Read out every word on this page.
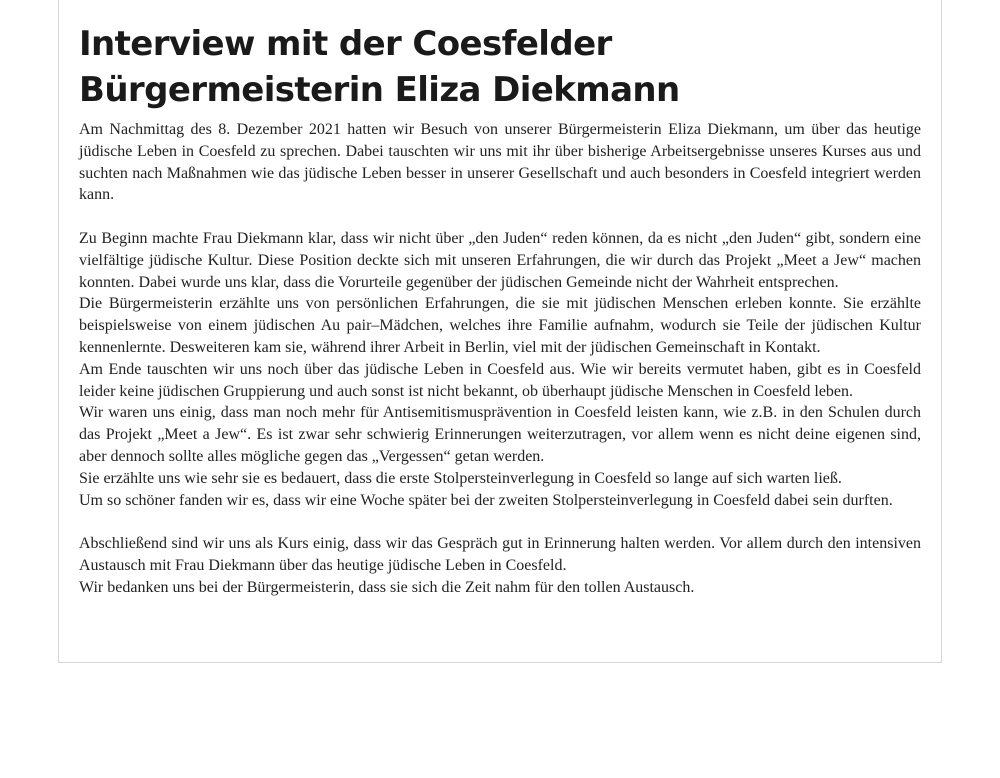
Interview mit der Coesfelder Bürgermeisterin Eliza Diekmann

Am Nachmittag des 8. Dezember 2021 hatten wir Besuch von unserer Bürgermeisterin Eliza Diekmann, um über das heutige jüdische Leben in Coesfeld zu sprechen. Dabei tauschten wir uns mit ihr über bisherige Arbeitsergebnisse unseres Kurses aus und suchten nach Maßnahmen wie das jüdische Leben besser in unserer Gesellschaft und auch besonders in Coesfeld integriert werden kann.

Zu Beginn machte Frau Diekmann klar, dass wir nicht über „den Juden“ reden können, da es nicht „den Juden“ gibt, sondern eine vielfältige jüdische Kultur. Diese Position deckte sich mit unseren Erfahrungen, die wir durch das Projekt „Meet a Jew“ machen konnten. Dabei wurde uns klar, dass die Vorurteile gegenüber der jüdischen Gemeinde nicht der Wahrheit entsprechen.

Die Bürgermeisterin erzählte uns von persönlichen Erfahrungen, die sie mit jüdischen Menschen erleben konnte. Sie erzählte beispielsweise von einem jüdischen Au pair–Mädchen, welches ihre Familie aufnahm, wodurch sie Teile der jüdischen Kultur kennenlernte. Desweiteren kam sie, während ihrer Arbeit in Berlin, viel mit der jüdischen Gemeinschaft in Kontakt.

Am Ende tauschten wir uns noch über das jüdische Leben in Coesfeld aus. Wie wir bereits vermutet haben, gibt es in Coesfeld leider keine jüdischen Gruppierung und auch sonst ist nicht bekannt, ob überhaupt jüdische Menschen in Coesfeld leben.

Wir waren uns einig, dass man noch mehr für Antisemitismusprävention in Coesfeld leisten kann, wie z.B. in den Schulen durch das Projekt „Meet a Jew“. Es ist zwar sehr schwierig Erinnerungen weiterzutragen, vor allem wenn es nicht deine eigenen sind, aber dennoch sollte alles mögliche gegen das „Vergessen“ getan werden.

Sie erzählte uns wie sehr sie es bedauert, dass die erste Stolpersteinverlegung in Coesfeld so lange auf sich warten ließ.

Um so schöner fanden wir es, dass wir eine Woche später bei der zweiten Stolpersteinverlegung in Coesfeld dabei sein durften.

Abschließend sind wir uns als Kurs einig, dass wir das Gespräch gut in Erinnerung halten werden. Vor allem durch den intensiven Austausch mit Frau Diekmann über das heutige jüdische Leben in Coesfeld.

Wir bedanken uns bei der Bürgermeisterin, dass sie sich die Zeit nahm für den tollen Austausch.
